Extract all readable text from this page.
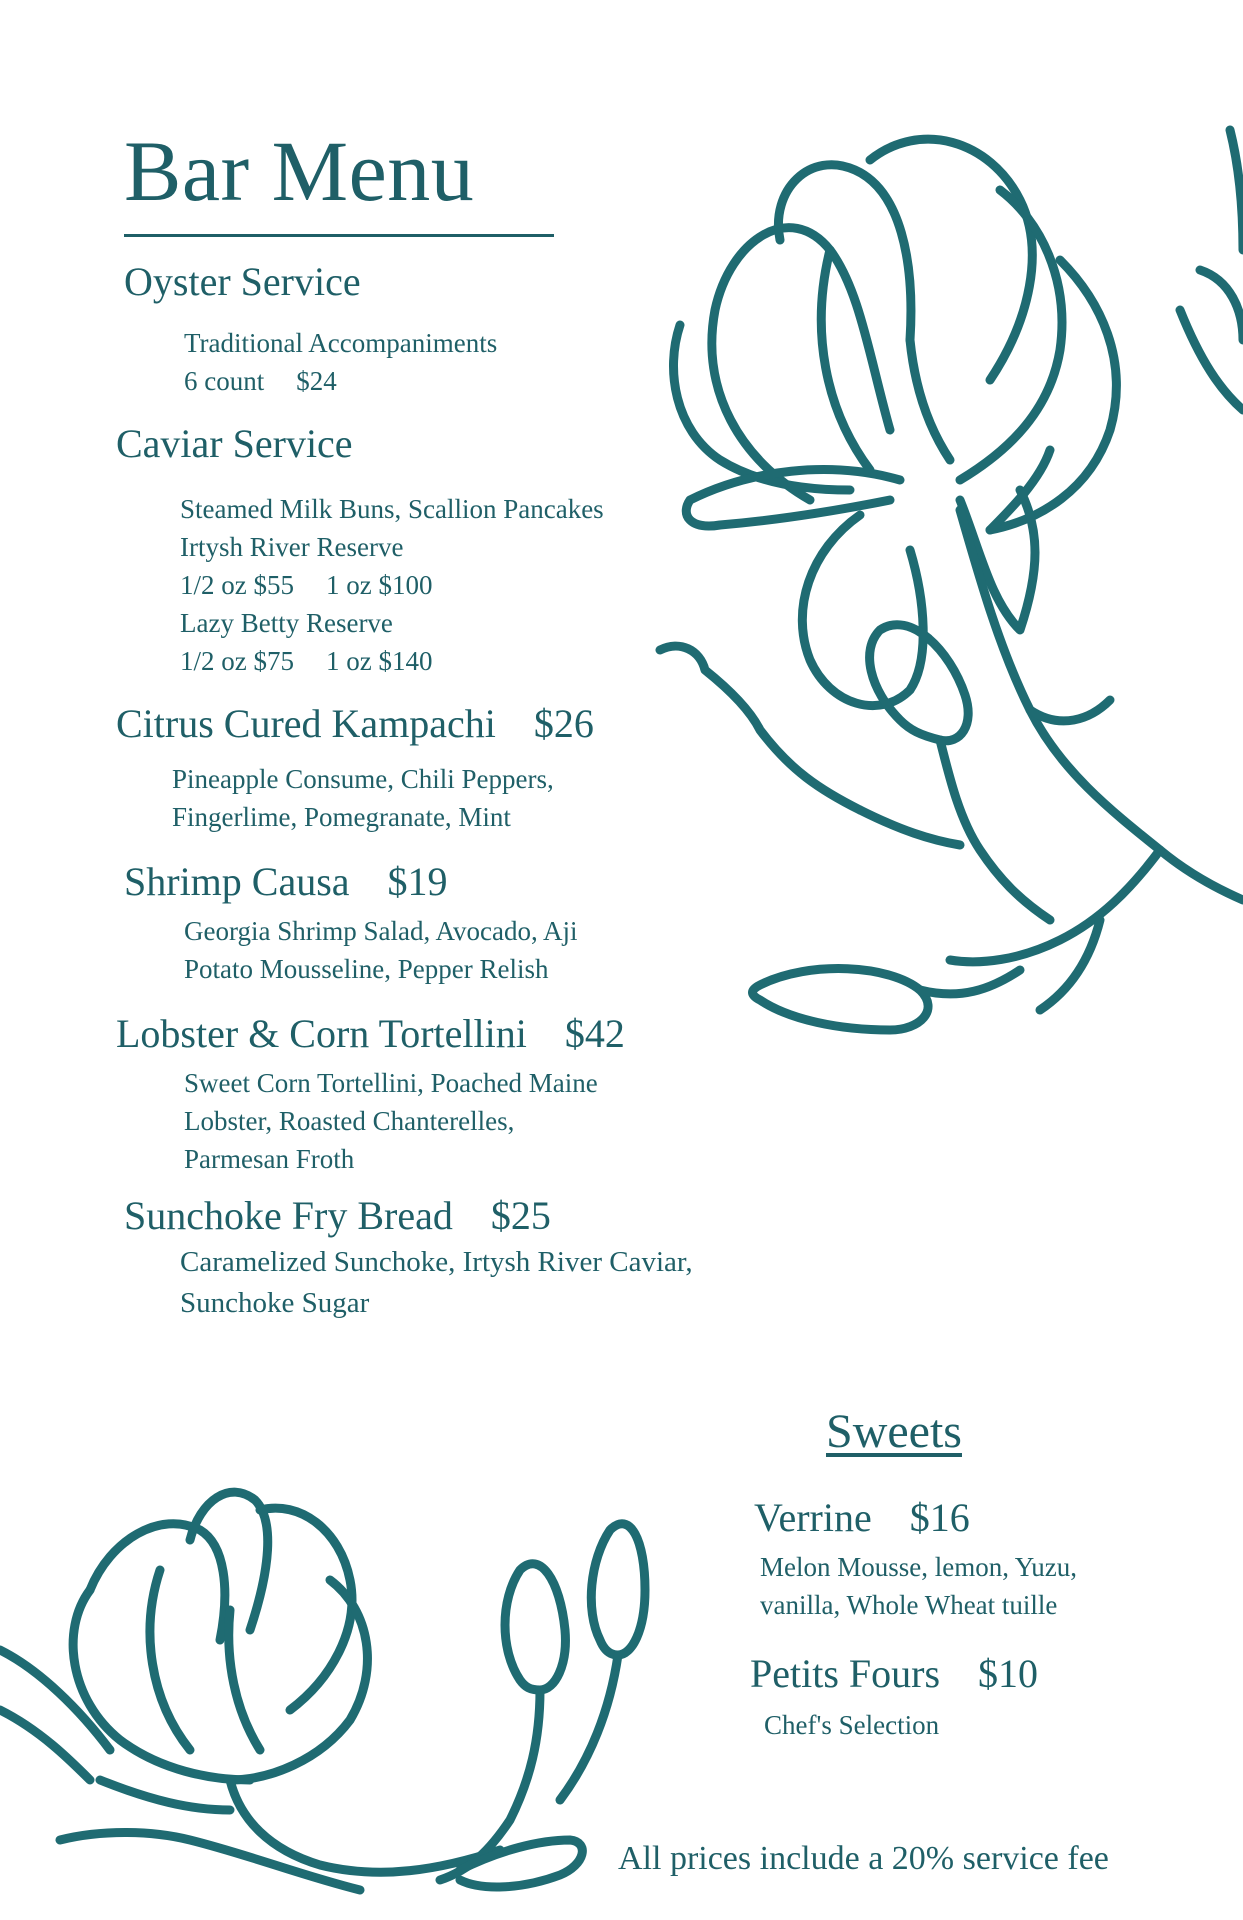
Bar Menu
Oyster Service
Traditional Accompaniments
6 count $24
Caviar Service
Steamed Milk Buns, Scallion Pancakes
Irtysh River Reserve
1/2 oz $55 1 oz $100
Lazy Betty Reserve
1/2 oz $75 1 oz $140
Citrus Cured Kampachi $26
Pineapple Consume, Chili Peppers,
Fingerlime, Pomegranate, Mint
Shrimp Causa $19
Georgia Shrimp Salad, Avocado, Aji
Potato Mousseline, Pepper Relish
Lobster & Corn Tortellini $42
Sweet Corn Tortellini, Poached Maine
Lobster, Roasted Chanterelles,
Parmesan Froth
Sunchoke Fry Bread $25
Caramelized Sunchoke, Irtysh River Caviar,
Sunchoke Sugar
Sweets
Verrine $16
Melon Mousse, lemon, Yuzu,
vanilla, Whole Wheat tuille
Petits Fours $10
Chef's Selection
All prices include a 20% service fee
